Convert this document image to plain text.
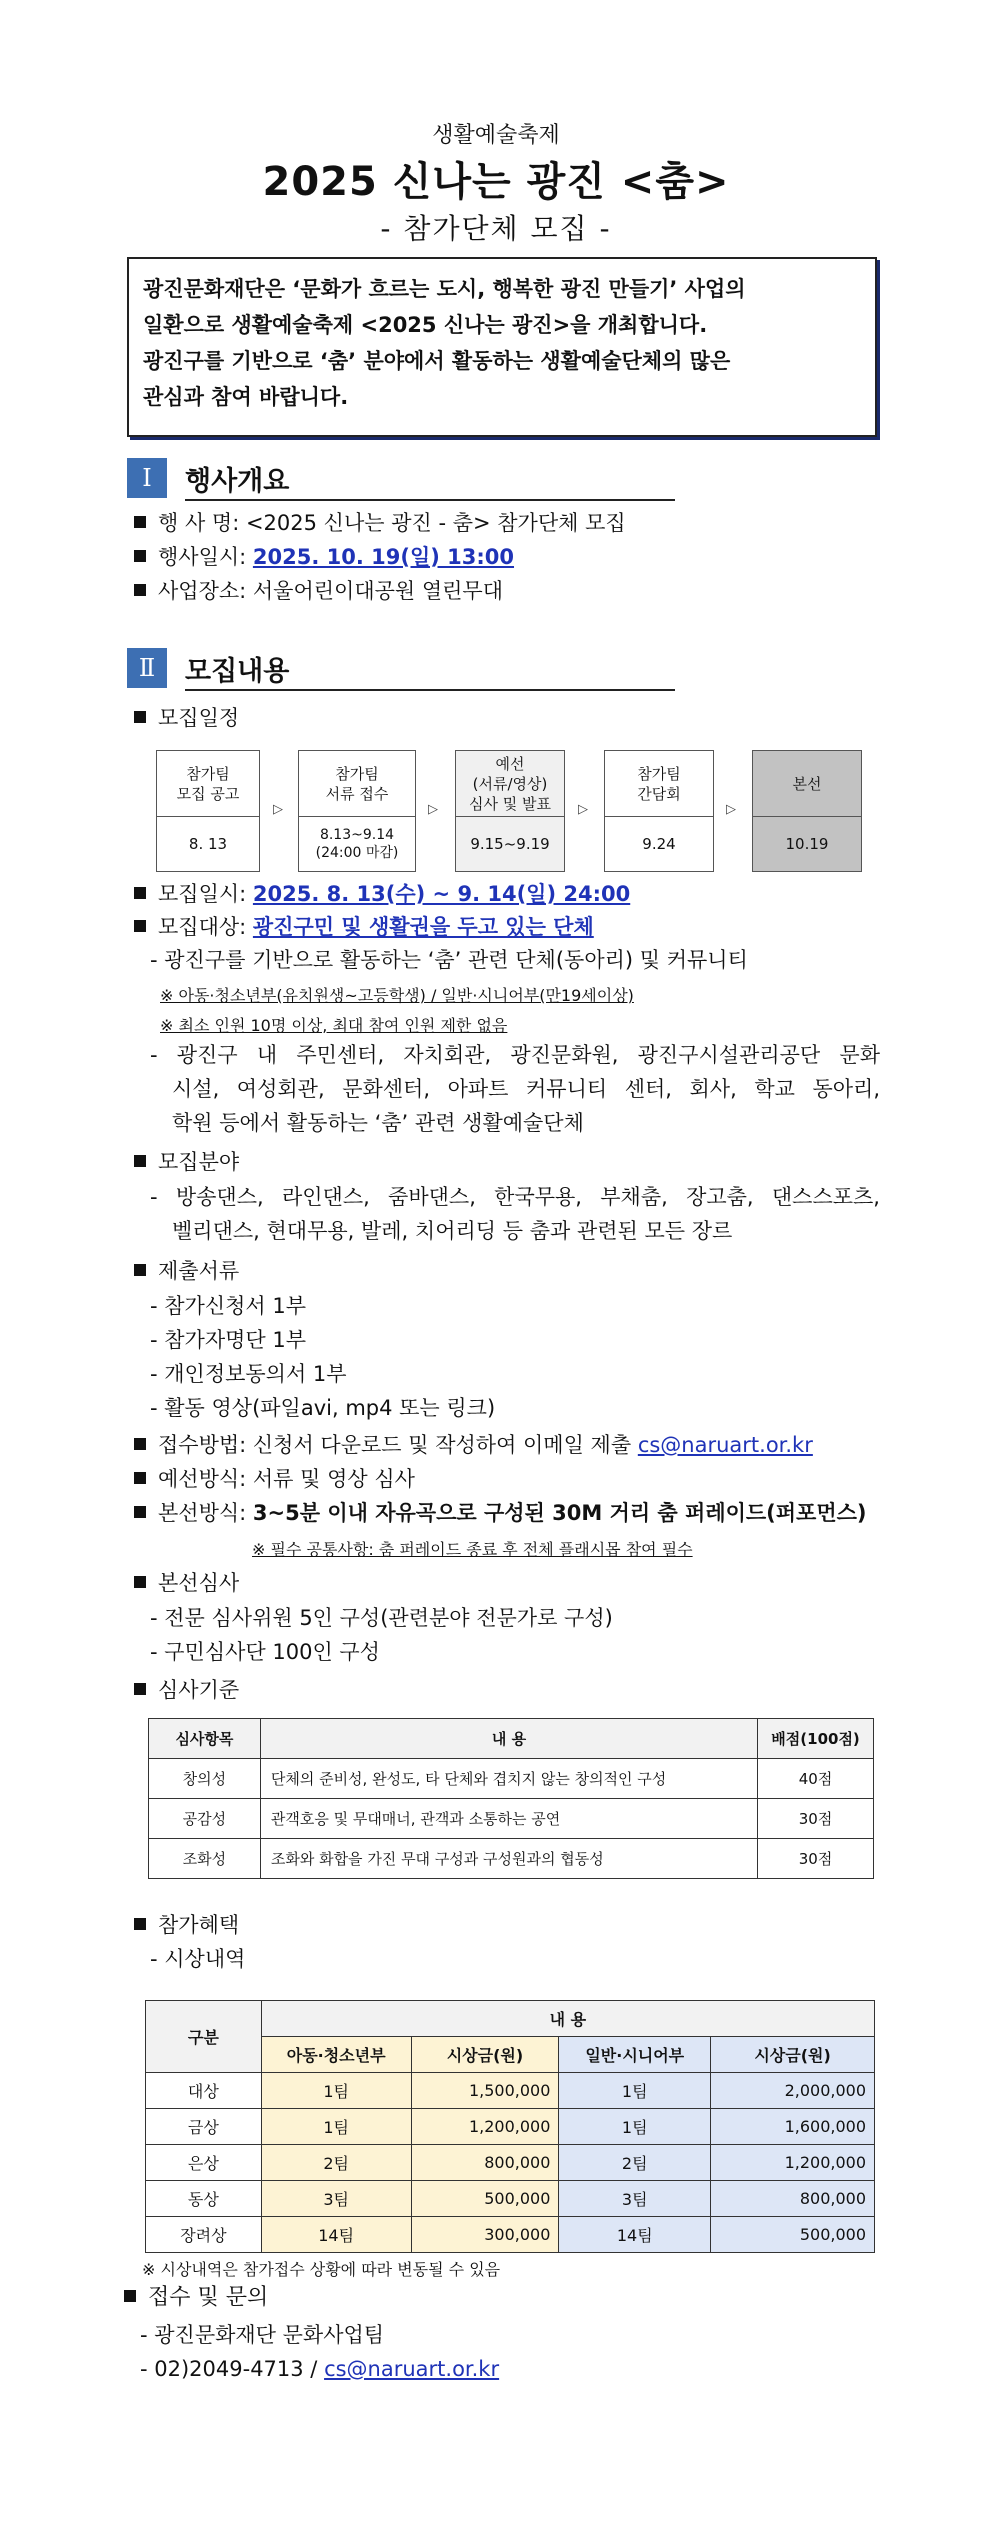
생활예술축제
2025 신나는 광진 <춤>
- 참가단체 모집 -

광진문화재단은 ‘문화가 흐르는 도시, 행복한 광진 만들기’ 사업의

일환으로 생활예술축제 <2025 신나는 광진>을 개최합니다.

광진구를 기반으로 ‘춤’ 분야에서 활동하는 생활예술단체의 많은

관심과 참여 바랍니다.

Ⅰ	행사개요
행 사 명: <2025 신나는 광진 - 춤> 참가단체 모집
행사일시: 2025. 10. 19(일) 13:00
사업장소: 서울어린이대공원 열린무대
Ⅱ	모집내용
모집일정
참가팀
모집 공고
8. 13
▷
참가팀
서류 접수
8.13~9.14
(24:00 마감)
▷
예선
(서류/영상)
심사 및 발표
9.15~9.19
▷
참가팀
간담회
9.24
▷
본선
10.19
모집일시: 2025. 8. 13(수) ~ 9. 14(일) 24:00
모집대상: 광진구민 및 생활권을 두고 있는 단체
- 광진구를 기반으로 활동하는 ‘춤’ 관련 단체(동아리) 및 커뮤니티
※ 아동·청소년부(유치원생~고등학생) / 일반·시니어부(만19세이상)
※ 최소 인원 10명 이상, 최대 참여 인원 제한 없음
- 광진구 내 주민센터, 자치회관, 광진문화원, 광진구시설관리공단 문화
시설, 여성회관, 문화센터, 아파트 커뮤니티 센터, 회사, 학교 동아리,
학원 등에서 활동하는 ‘춤’ 관련 생활예술단체
모집분야
- 방송댄스, 라인댄스, 줌바댄스, 한국무용, 부채춤, 장고춤, 댄스스포츠,
벨리댄스, 현대무용, 발레, 치어리딩 등 춤과 관련된 모든 장르
제출서류
- 참가신청서 1부
- 참가자명단 1부
- 개인정보동의서 1부
- 활동 영상(파일avi, mp4 또는 링크)
접수방법: 신청서 다운로드 및 작성하여 이메일 제출 cs@naruart.or.kr
예선방식: 서류 및 영상 심사
본선방식: 3~5분 이내 자유곡으로 구성된 30M 거리 춤 퍼레이드(퍼포먼스)
※ 필수 공통사항: 춤 퍼레이드 종료 후 전체 플래시몹 참여 필수
본선심사
- 전문 심사위원 5인 구성(관련분야 전문가로 구성)
- 구민심사단 100인 구성
심사기준
심사항목	내 용	배점(100점)
창의성	단체의 준비성, 완성도, 타 단체와 겹치지 않는 창의적인 구성	40점
공감성	관객호응 및 무대매너, 관객과 소통하는 공연	30점
조화성	조화와 화합을 가진 무대 구성과 구성원과의 협동성	30점
참가혜택
- 시상내역
구분	내 용			
	아동·청소년부	시상금(원)	일반·시니어부	시상금(원)
대상	1팀	1,500,000	1팀	2,000,000
금상	1팀	1,200,000	1팀	1,600,000
은상	2팀	800,000	2팀	1,200,000
동상	3팀	500,000	3팀	800,000
장려상	14팀	300,000	14팀	500,000
※ 시상내역은 참가접수 상황에 따라 변동될 수 있음
접수 및 문의
- 광진문화재단 문화사업팀
- 02)2049-4713 / cs@naruart.or.kr
